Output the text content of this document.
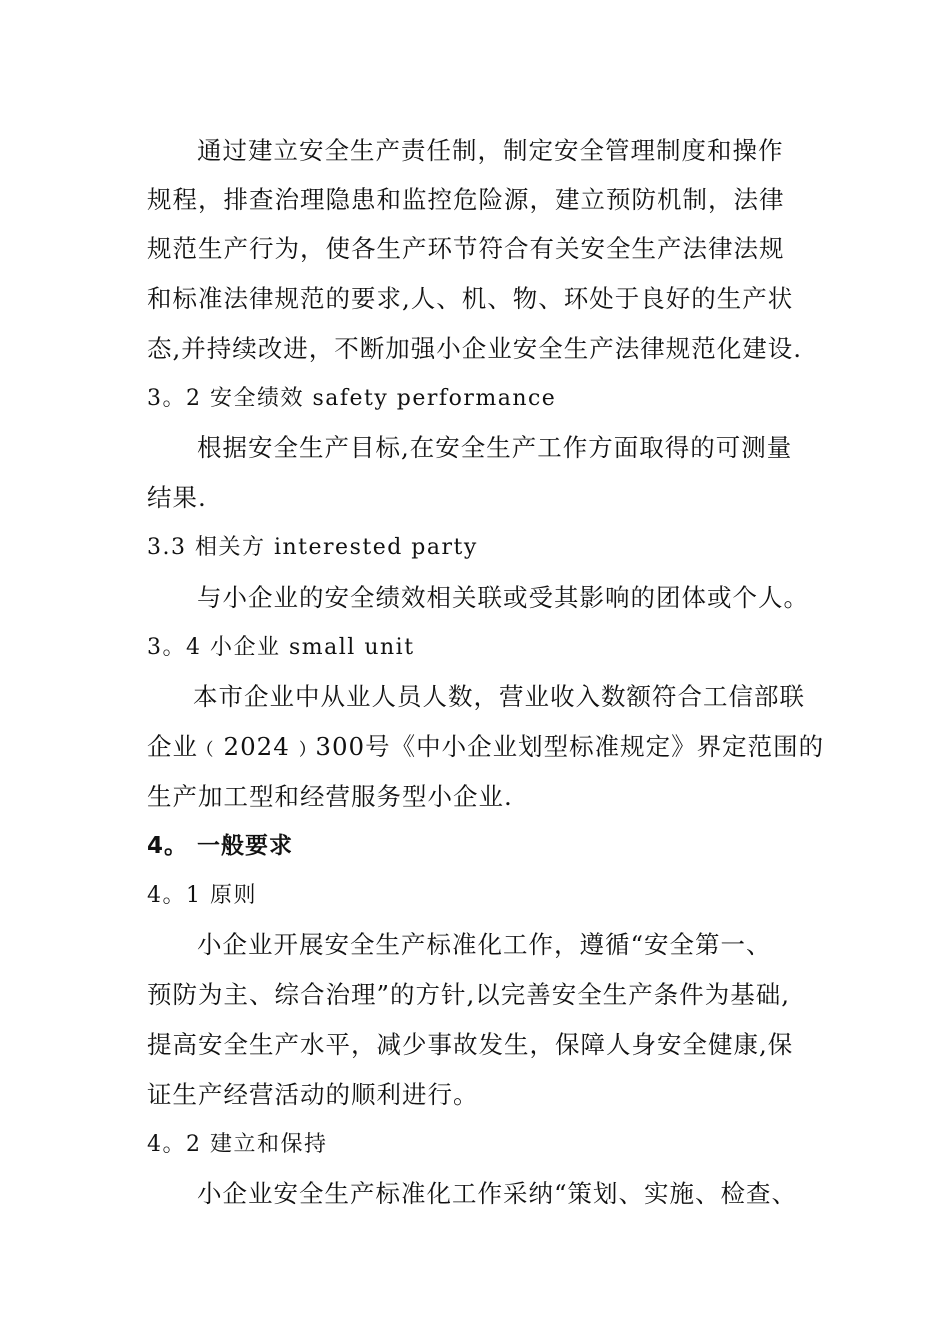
通过建立安全生产责任制，制定安全管理制度和操作
规程，排查治理隐患和监控危险源，建立预防机制，法律
规范生产行为，使各生产环节符合有关安全生产法律法规
和标准法律规范的要求,人、机、物、环处于良好的生产状
态,并持续改进，不断加强小企业安全生产法律规范化建设.
3。2 安全绩效 safety performance
根据安全生产目标,在安全生产工作方面取得的可测量
结果.
3.3 相关方 interested party
与小企业的安全绩效相关联或受其影响的团体或个人。
3。4 小企业 small unit
本市企业中从业人员人数，营业收入数额符合工信部联
企业﹙2024﹚300号《中小企业划型标准规定》界定范围的
生产加工型和经营服务型小企业.
4。 一般要求
4。1 原则
小企业开展安全生产标准化工作，遵循“安全第一、
预防为主、综合治理”的方针,以完善安全生产条件为基础,
提高安全生产水平，减少事故发生，保障人身安全健康,保
证生产经营活动的顺利进行。
4。2 建立和保持
小企业安全生产标准化工作采纳“策划、实施、检查、
